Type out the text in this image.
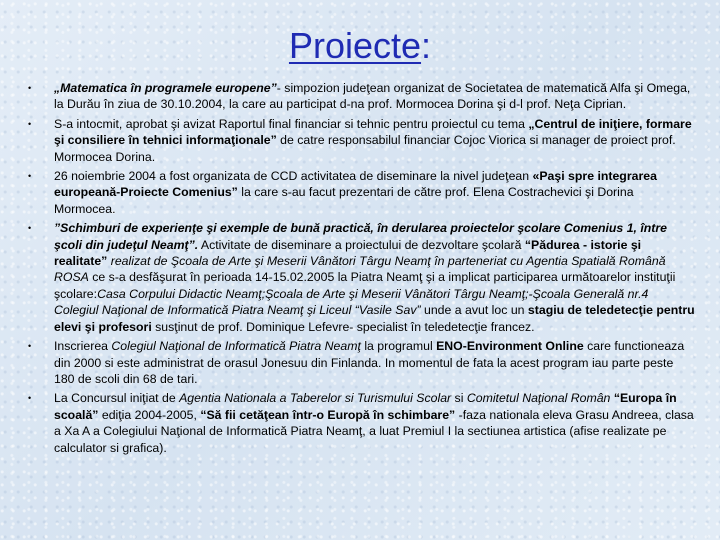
Proiecte:
• „Matematica în programele europene”- simpozion judeţean organizat de Societatea de matematică Alfa şi Omega, la Durău în ziua de 30.10.2004, la care au participat d-na prof. Mormocea Dorina şi d-l prof. Neţa Ciprian.
• S-a intocmit, aprobat şi avizat Raportul final financiar si tehnic pentru proiectul cu tema „Centrul de iniţiere, formare şi consiliere în tehnici informaţionale” de catre responsabilul financiar Cojoc Viorica si manager de proiect prof. Mormocea Dorina.
• 26 noiembrie 2004 a fost organizata de CCD activitatea de diseminare la nivel judeţean «Paşi spre integrarea europeană-Proiecte Comenius” la care s-au facut prezentari de către prof. Elena Costrachevici şi Dorina Mormocea.
• ”Schimburi de experienţe şi exemple de bună practică, în derularea proiectelor şcolare Comenius 1, între şcoli din judeţul Neamţ”. Activitate de diseminare a proiectului de dezvoltare şcolară “Pădurea - istorie şi realitate” realizat de Şcoala de Arte şi Meserii Vânători Târgu Neamţ în parteneriat cu Agentia Spatială Română ROSA ce s-a desfăşurat în perioada 14-15.02.2005 la Piatra Neamţ şi a implicat participarea următoarelor instituţii şcolare:Casa Corpului Didactic Neamţ;Şcoala de Arte şi Meserii Vânători Târgu Neamţ;-Şcoala Generală nr.4 Colegiul Naţional de Informatică Piatra Neamţ şi Liceul “Vasile Sav” unde a avut loc un stagiu de teledetecţie pentru elevi şi profesori susţinut de prof. Dominique Lefevre- specialist în teledetecţie francez.
• Inscrierea Colegiul Naţional de Informatică Piatra Neamţ la programul ENO-Environment Online care functioneaza din 2000 si este administrat de orasul Jonesuu din Finlanda. In momentul de fata la acest program iau parte peste 180 de scoli din 68 de tari.
• La Concursul iniţiat de Agentia Nationala a Taberelor si Turismului Scolar si Comitetul Naţional Român “Europa în scoală” ediţia 2004-2005, “Să fii cetăţean într-o Europă în schimbare” -faza nationala eleva Grasu Andreea, clasa a Xa A a Colegiului Naţional de Informatică Piatra Neamţ, a luat Premiul I la sectiunea artistica (afise realizate pe calculator si grafica).
